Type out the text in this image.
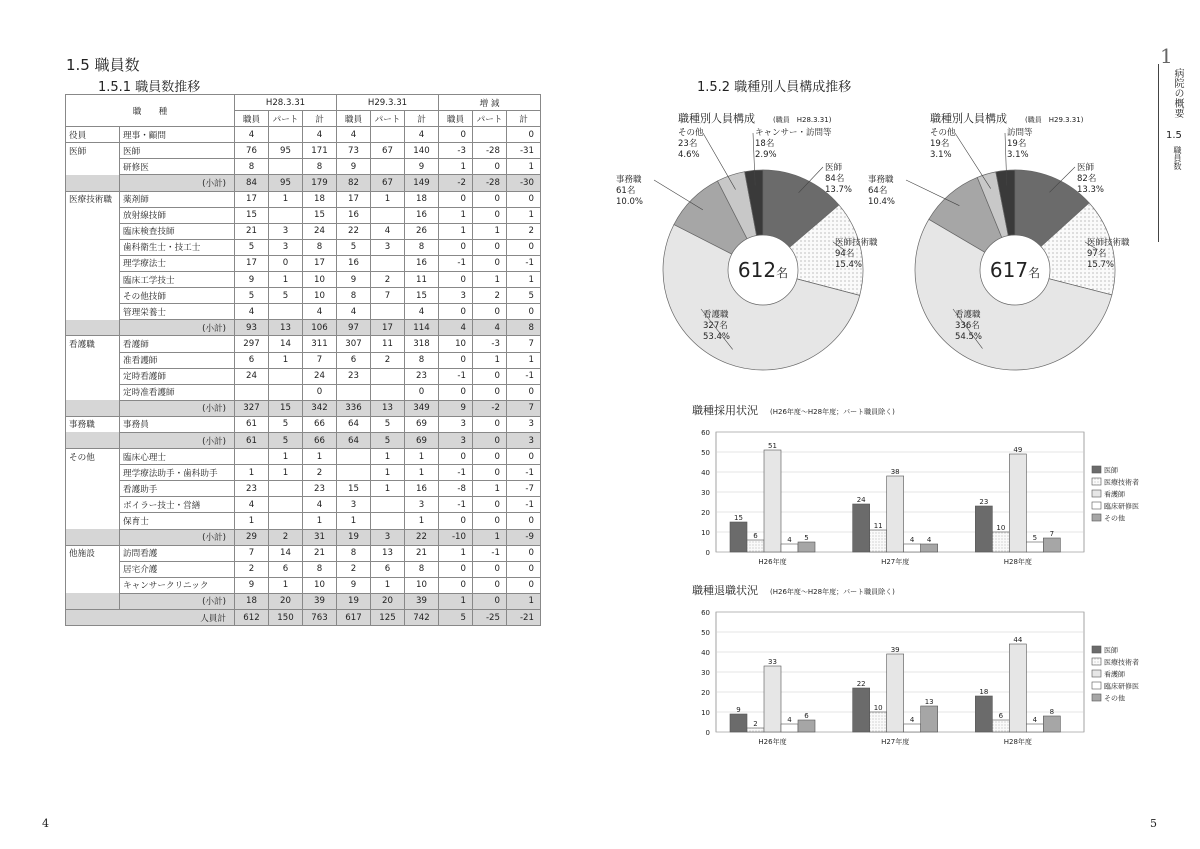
1.5 職員数
1.5.1 職員数推移
職　　種		H28.3.31			H29.3.31			増 減		
		職員	パート	計	職員	パート	計	職員	パート	計
役員	理事・顧問	4		4	4		4	0		0
医師	医師	76	95	171	73	67	140	-3	-28	-31
	研修医	8		8	9		9	1	0	1
	(小計)	84	95	179	82	67	149	-2	-28	-30
医療技術職	薬剤師	17	1	18	17	1	18	0	0	0
	放射線技師	15		15	16		16	1	0	1
	臨床検査技師	21	3	24	22	4	26	1	1	2
	歯科衛生士・技工士	5	3	8	5	3	8	0	0	0
	理学療法士	17	0	17	16		16	-1	0	-1
	臨床工学技士	9	1	10	9	2	11	0	1	1
	その他技師	5	5	10	8	7	15	3	2	5
	管理栄養士	4		4	4		4	0	0	0
	(小計)	93	13	106	97	17	114	4	4	8
看護職	看護師	297	14	311	307	11	318	10	-3	7
	准看護師	6	1	7	6	2	8	0	1	1
	定時看護師	24		24	23		23	-1	0	-1
	定時准看護師			0			0	0	0	0
	(小計)	327	15	342	336	13	349	9	-2	7
事務職	事務員	61	5	66	64	5	69	3	0	3
	(小計)	61	5	66	64	5	69	3	0	3
その他	臨床心理士		1	1		1	1	0	0	0
	理学療法助手・歯科助手	1	1	2		1	1	-1	0	-1
	看護助手	23		23	15	1	16	-8	1	-7
	ボイラー技士・営繕	4		4	3		3	-1	0	-1
	保育士	1		1	1		1	0	0	0
	(小計)	29	2	31	19	3	22	-10	1	-9
他施設	訪問看護	7	14	21	8	13	21	1	-1	0
	居宅介護	2	6	8	2	6	8	0	0	0
	キャンサークリニック	9	1	10	9	1	10	0	0	0
	(小計)	18	20	39	19	20	39	1	0	1
人員計		612	150	763	617	125	742	5	-25	-21
4
1.5.2 職種別人員構成推移
1
病院の概要
1.5
職員数
職種別人員構成	(職員　H28.3.31)
612名
医師
84名
13.7%
医師技術職
94名
15.4%
看護職
327名
53.4%
事務職
61名
10.0%
その他
23名
4.6%
キャンサー・訪問等
18名
2.9%
職種別人員構成	(職員　H29.3.31)
617名
医師
82名
13.3%
医師技術職
97名
15.7%
看護職
336名
54.5%
事務職
64名
10.4%
その他
19名
3.1%
訪問等
19名
3.1%
職種採用状況 (H26年度～H28年度；パート職員除く)
0
10
20
30
40
50
60
15
6
51
4 5
H26年度
24
11
38
4 4
H27年度
23
10
49
5 7
H28年度
医師
医療技術者
看護師
臨床研修医
その他
職種退職状況 (H26年度～H28年度；パート職員除く)
0
10
20
30
40
50
60
9
2
33
4 6
H26年度
22
10
39
4
13
H27年度
18
6
44
4
8
H28年度
医師
医療技術者
看護師
臨床研修医
その他
5
